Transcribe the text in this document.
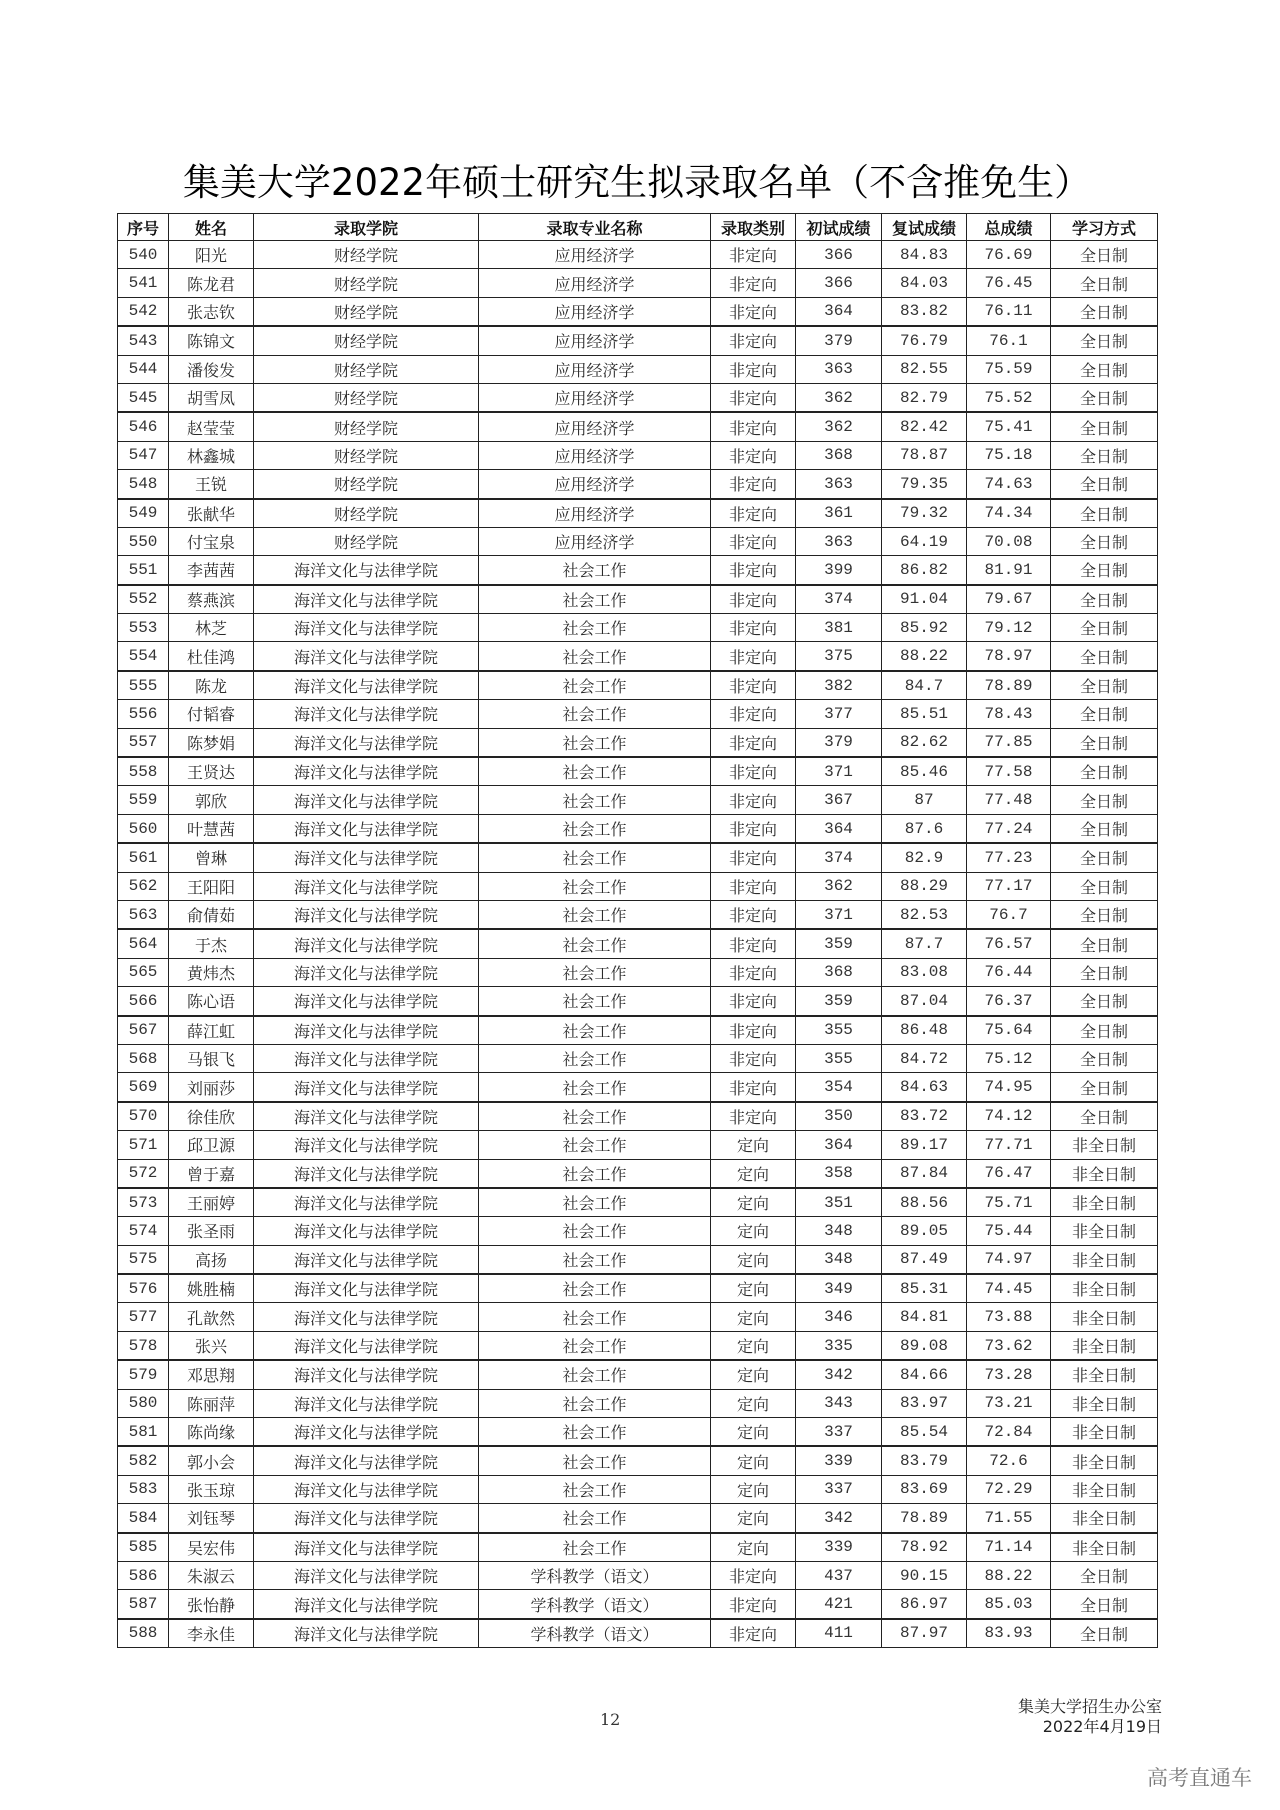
集美大学2022年硕士研究生拟录取名单（不含推免生）
序号	姓名	录取学院	录取专业名称	录取类别	初试成绩	复试成绩	总成绩	学习方式
540	阳光	财经学院	应用经济学	非定向	366	84.83	76.69	全日制
541	陈龙君	财经学院	应用经济学	非定向	366	84.03	76.45	全日制
542	张志钦	财经学院	应用经济学	非定向	364	83.82	76.11	全日制
543	陈锦文	财经学院	应用经济学	非定向	379	76.79	76.1	全日制
544	潘俊发	财经学院	应用经济学	非定向	363	82.55	75.59	全日制
545	胡雪凤	财经学院	应用经济学	非定向	362	82.79	75.52	全日制
546	赵莹莹	财经学院	应用经济学	非定向	362	82.42	75.41	全日制
547	林鑫城	财经学院	应用经济学	非定向	368	78.87	75.18	全日制
548	王锐	财经学院	应用经济学	非定向	363	79.35	74.63	全日制
549	张献华	财经学院	应用经济学	非定向	361	79.32	74.34	全日制
550	付宝泉	财经学院	应用经济学	非定向	363	64.19	70.08	全日制
551	李茜茜	海洋文化与法律学院	社会工作	非定向	399	86.82	81.91	全日制
552	蔡燕滨	海洋文化与法律学院	社会工作	非定向	374	91.04	79.67	全日制
553	林芝	海洋文化与法律学院	社会工作	非定向	381	85.92	79.12	全日制
554	杜佳鸿	海洋文化与法律学院	社会工作	非定向	375	88.22	78.97	全日制
555	陈龙	海洋文化与法律学院	社会工作	非定向	382	84.7	78.89	全日制
556	付韬睿	海洋文化与法律学院	社会工作	非定向	377	85.51	78.43	全日制
557	陈梦娟	海洋文化与法律学院	社会工作	非定向	379	82.62	77.85	全日制
558	王贤达	海洋文化与法律学院	社会工作	非定向	371	85.46	77.58	全日制
559	郭欣	海洋文化与法律学院	社会工作	非定向	367	87	77.48	全日制
560	叶慧茜	海洋文化与法律学院	社会工作	非定向	364	87.6	77.24	全日制
561	曾琳	海洋文化与法律学院	社会工作	非定向	374	82.9	77.23	全日制
562	王阳阳	海洋文化与法律学院	社会工作	非定向	362	88.29	77.17	全日制
563	俞倩茹	海洋文化与法律学院	社会工作	非定向	371	82.53	76.7	全日制
564	于杰	海洋文化与法律学院	社会工作	非定向	359	87.7	76.57	全日制
565	黄炜杰	海洋文化与法律学院	社会工作	非定向	368	83.08	76.44	全日制
566	陈心语	海洋文化与法律学院	社会工作	非定向	359	87.04	76.37	全日制
567	薛江虹	海洋文化与法律学院	社会工作	非定向	355	86.48	75.64	全日制
568	马银飞	海洋文化与法律学院	社会工作	非定向	355	84.72	75.12	全日制
569	刘丽莎	海洋文化与法律学院	社会工作	非定向	354	84.63	74.95	全日制
570	徐佳欣	海洋文化与法律学院	社会工作	非定向	350	83.72	74.12	全日制
571	邱卫源	海洋文化与法律学院	社会工作	定向	364	89.17	77.71	非全日制
572	曾于嘉	海洋文化与法律学院	社会工作	定向	358	87.84	76.47	非全日制
573	王丽婷	海洋文化与法律学院	社会工作	定向	351	88.56	75.71	非全日制
574	张圣雨	海洋文化与法律学院	社会工作	定向	348	89.05	75.44	非全日制
575	高扬	海洋文化与法律学院	社会工作	定向	348	87.49	74.97	非全日制
576	姚胜楠	海洋文化与法律学院	社会工作	定向	349	85.31	74.45	非全日制
577	孔歆然	海洋文化与法律学院	社会工作	定向	346	84.81	73.88	非全日制
578	张兴	海洋文化与法律学院	社会工作	定向	335	89.08	73.62	非全日制
579	邓思翔	海洋文化与法律学院	社会工作	定向	342	84.66	73.28	非全日制
580	陈丽萍	海洋文化与法律学院	社会工作	定向	343	83.97	73.21	非全日制
581	陈尚缘	海洋文化与法律学院	社会工作	定向	337	85.54	72.84	非全日制
582	郭小会	海洋文化与法律学院	社会工作	定向	339	83.79	72.6	非全日制
583	张玉琼	海洋文化与法律学院	社会工作	定向	337	83.69	72.29	非全日制
584	刘钰琴	海洋文化与法律学院	社会工作	定向	342	78.89	71.55	非全日制
585	吴宏伟	海洋文化与法律学院	社会工作	定向	339	78.92	71.14	非全日制
586	朱淑云	海洋文化与法律学院	学科教学（语文）	非定向	437	90.15	88.22	全日制
587	张怡静	海洋文化与法律学院	学科教学（语文）	非定向	421	86.97	85.03	全日制
588	李永佳	海洋文化与法律学院	学科教学（语文）	非定向	411	87.97	83.93	全日制
12
集美大学招生办公室
2022年4月19日
高考直通车
